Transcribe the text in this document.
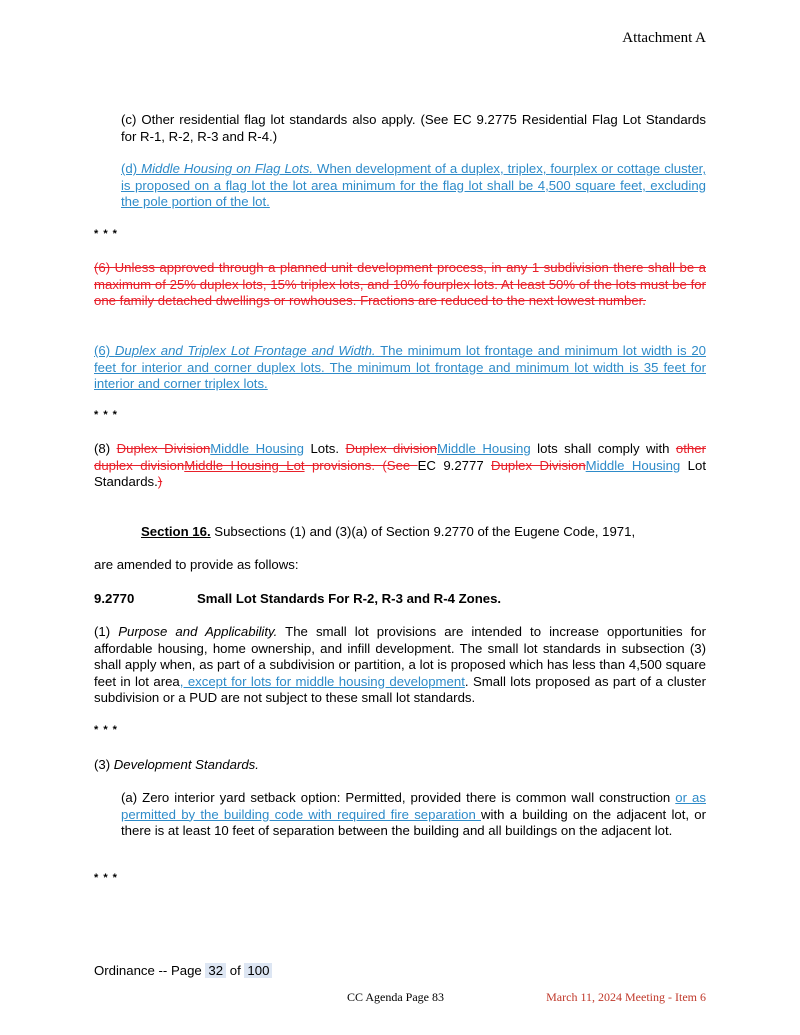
Attachment A
(c) Other residential flag lot standards also apply. (See EC 9.2775 Residential Flag Lot Standards for R-1, R-2, R-3 and R-4.)
(d) Middle Housing on Flag Lots. When development of a duplex, triplex, fourplex or cottage cluster, is proposed on a flag lot the lot area minimum for the flag lot shall be 4,500 square feet, excluding the pole portion of the lot.
* * *
(6) Unless approved through a planned unit development process, in any 1 subdivision there shall be a maximum of 25% duplex lots, 15% triplex lots, and 10% fourplex lots. At least 50% of the lots must be for one family detached dwellings or rowhouses. Fractions are reduced to the next lowest number.
(6) Duplex and Triplex Lot Frontage and Width. The minimum lot frontage and minimum lot width is 20 feet for interior and corner duplex lots. The minimum lot frontage and minimum lot width is 35 feet for interior and corner triplex lots.
* * *
(8) Duplex DivisionMiddle Housing Lots. Duplex divisionMiddle Housing lots shall comply with other duplex divisionMiddle Housing Lot provisions. (See EC 9.2777 Duplex DivisionMiddle Housing Lot Standards.)
Section 16. Subsections (1) and (3)(a) of Section 9.2770 of the Eugene Code, 1971,
are amended to provide as follows:
9.2770	Small Lot Standards For R-2, R-3 and R-4 Zones.
(1) Purpose and Applicability. The small lot provisions are intended to increase opportunities for affordable housing, home ownership, and infill development. The small lot standards in subsection (3) shall apply when, as part of a subdivision or partition, a lot is proposed which has less than 4,500 square feet in lot area, except for lots for middle housing development. Small lots proposed as part of a cluster subdivision or a PUD are not subject to these small lot standards.
* * *
(3) Development Standards.
(a) Zero interior yard setback option: Permitted, provided there is common wall construction or as permitted by the building code with required fire separation with a building on the adjacent lot, or there is at least 10 feet of separation between the building and all buildings on the adjacent lot.
* * *
Ordinance -- Page 32 of 100
CC Agenda Page 83	March 11, 2024 Meeting - Item 6
